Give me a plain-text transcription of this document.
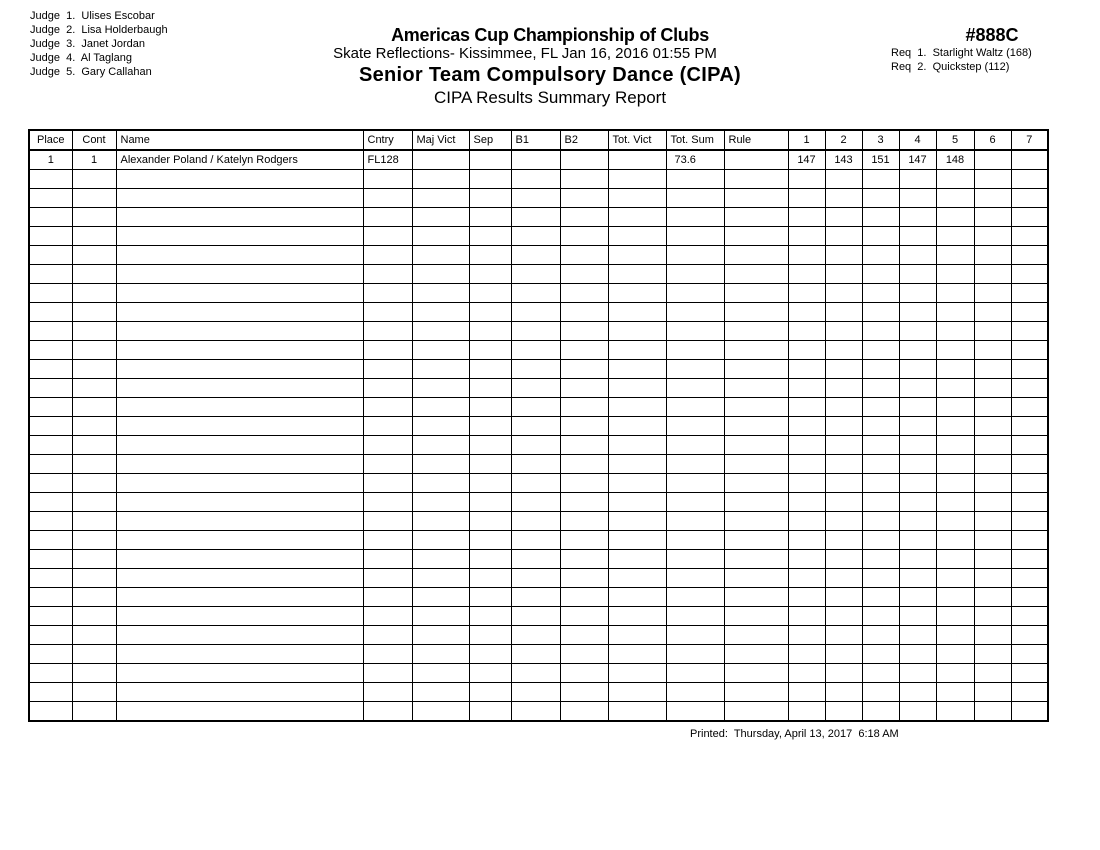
Judge  1.  Ulises Escobar
Judge  2.  Lisa Holderbaugh
Judge  3.  Janet Jordan
Judge  4.  Al Taglang
Judge  5.  Gary Callahan
Americas Cup Championship of Clubs
Skate Reflections- Kissimmee, FL Jan 16, 2016 01:55 PM
Senior Team Compulsory Dance (CIPA)
CIPA Results Summary Report
#888C
Req  1.  Starlight Waltz (168)
Req  2.  Quickstep (112)
Place	Cont	Name	Cntry	Maj Vict	Sep	B1	B2	Tot. Vict	Tot. Sum	Rule	1	2	3	4	5	6	7
1	1	Alexander Poland / Katelyn Rodgers	FL128						73.6		147	143	151	147	148		

Printed:  Thursday, April 13, 2017  6:18 AM
